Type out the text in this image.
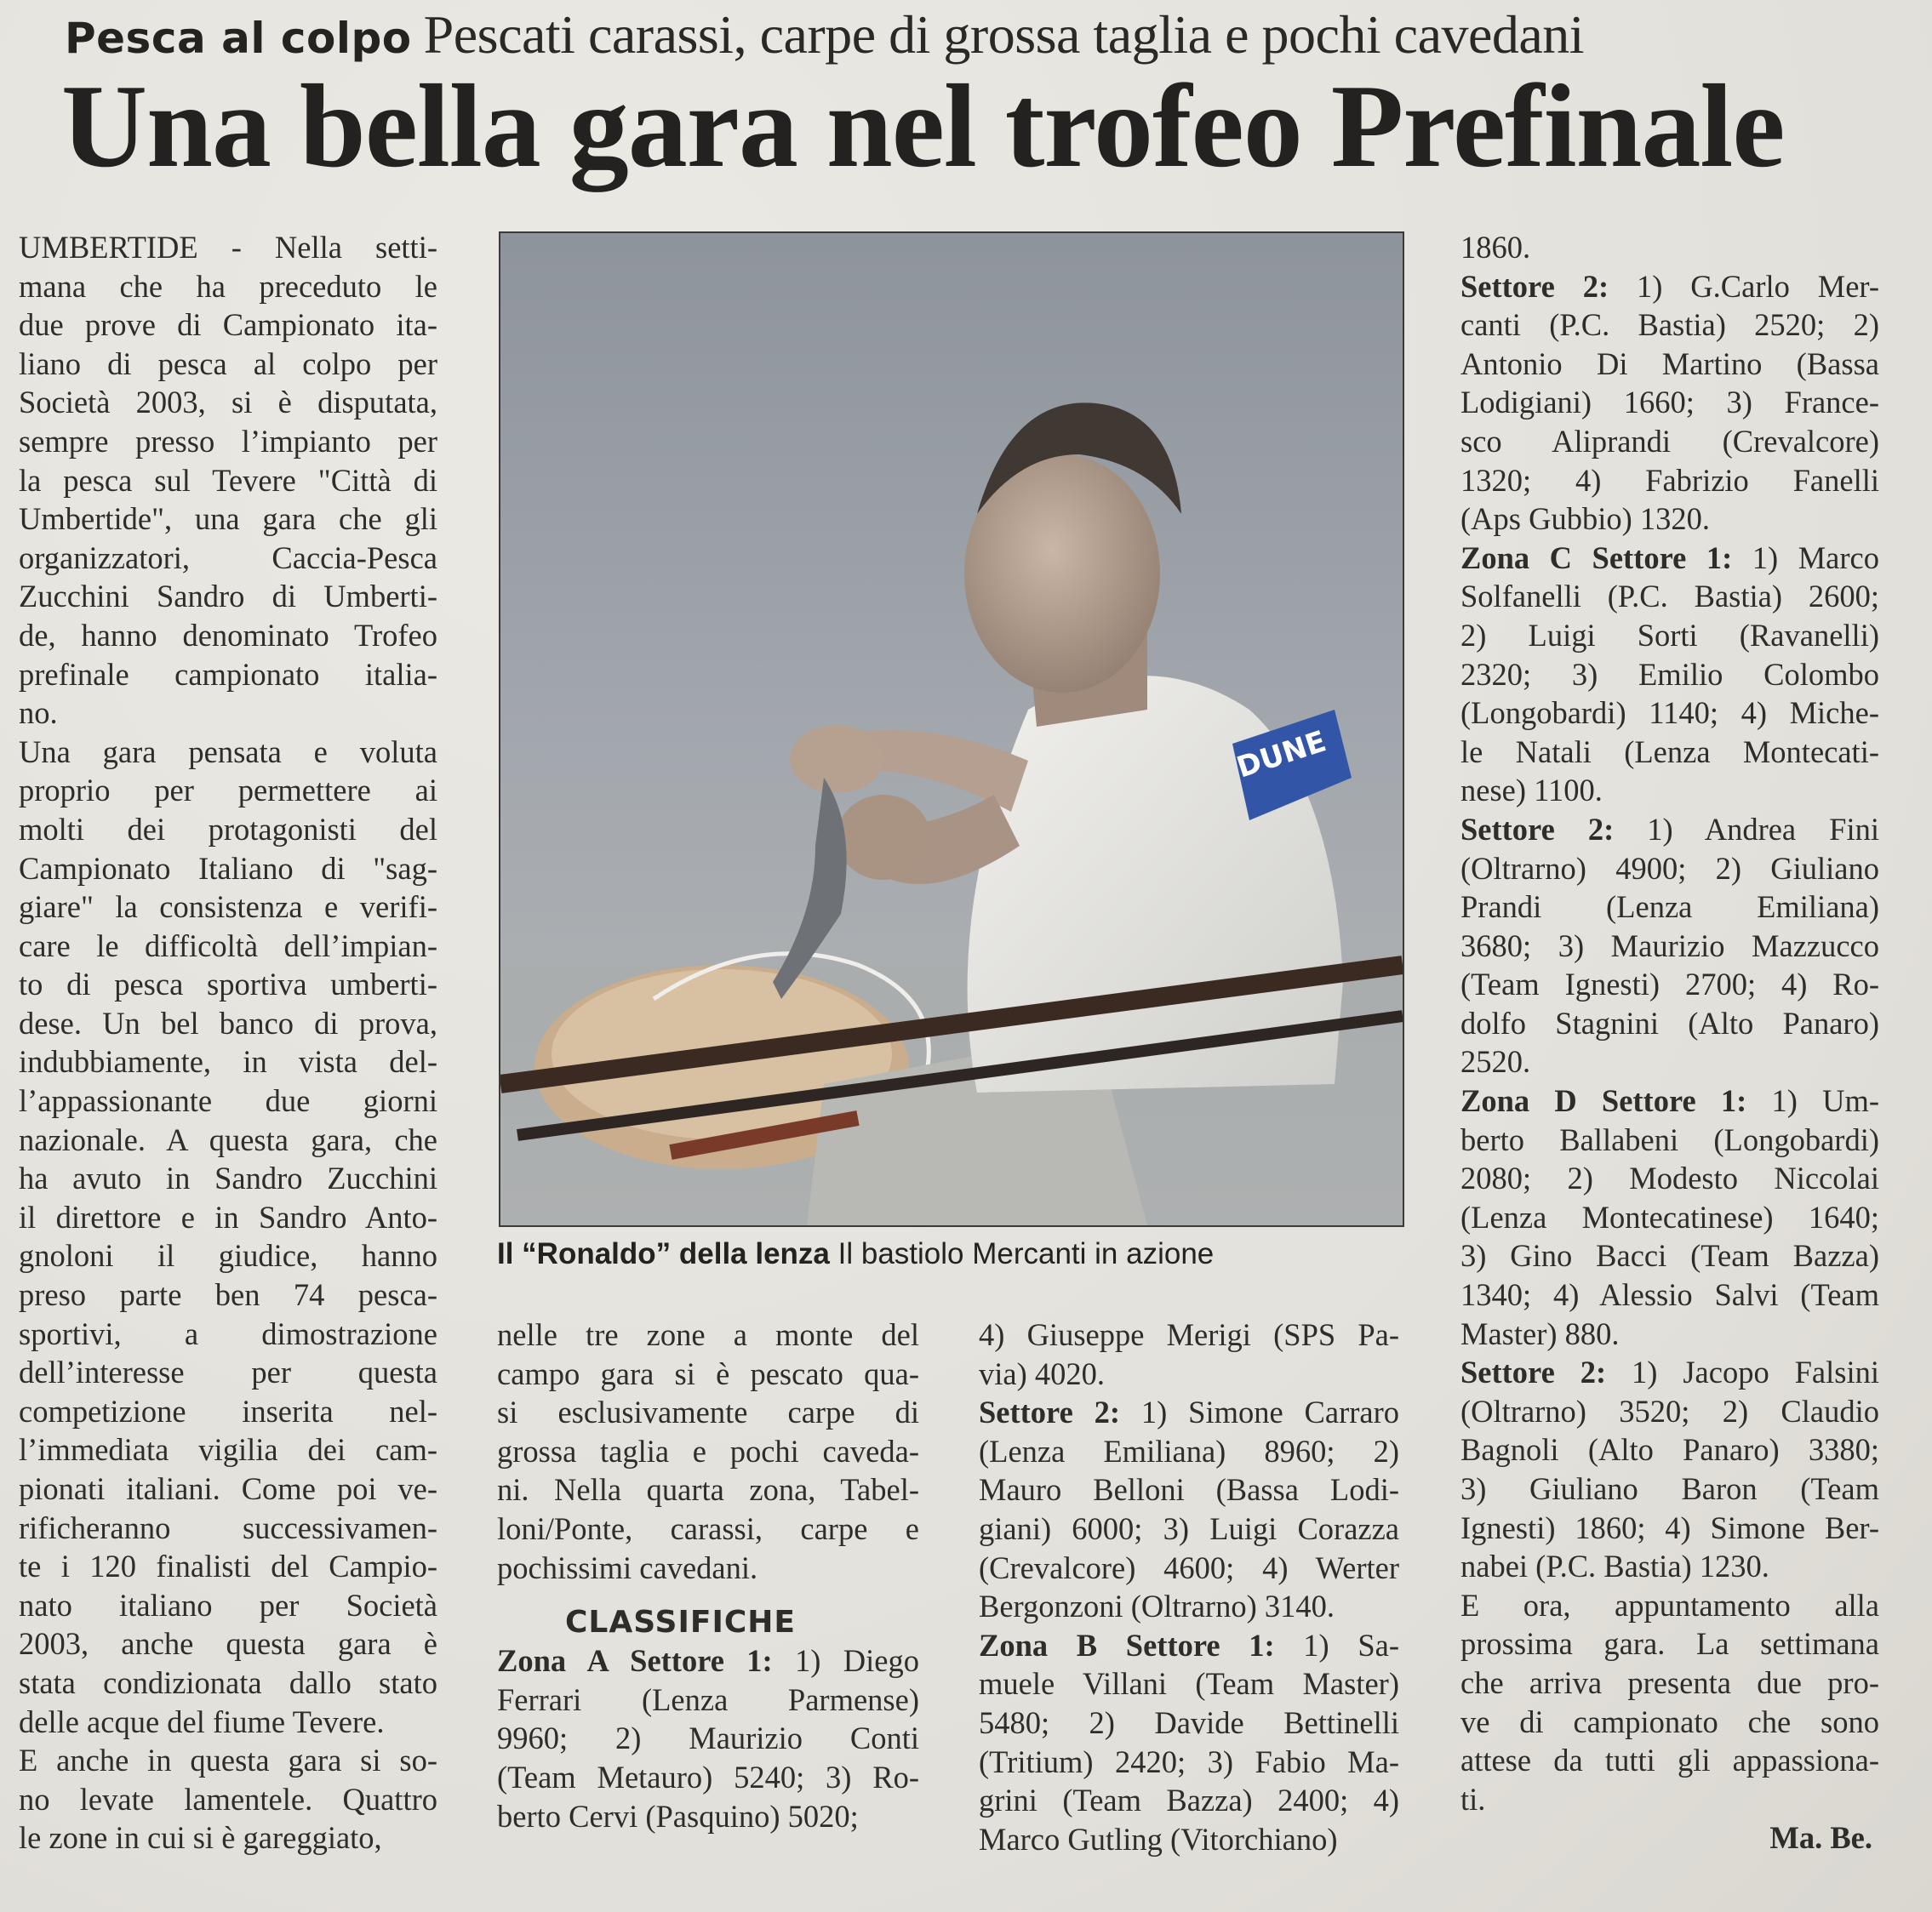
Pesca al colpo Pescati carassi, carpe di grossa taglia e pochi cavedani
Una bella gara nel trofeo Prefinale
UMBERTIDE - Nella setti-
mana che ha preceduto le
due prove di Campionato ita-
liano di pesca al colpo per
Società 2003, si è disputata,
sempre presso l’impianto per
la pesca sul Tevere "Città di
Umbertide", una gara che gli
organizzatori, Caccia-Pesca
Zucchini Sandro di Umberti-
de, hanno denominato Trofeo
prefinale campionato italia-
no.
Una gara pensata e voluta
proprio per permettere ai
molti dei protagonisti del
Campionato Italiano di "sag-
giare" la consistenza e verifi-
care le difficoltà dell’impian-
to di pesca sportiva umberti-
dese. Un bel banco di prova,
indubbiamente, in vista del-
l’appassionante due giorni
nazionale. A questa gara, che
ha avuto in Sandro Zucchini
il direttore e in Sandro Anto-
gnoloni il giudice, hanno
preso parte ben 74 pesca-
sportivi, a dimostrazione
dell’interesse per questa
competizione inserita nel-
l’immediata vigilia dei cam-
pionati italiani. Come poi ve-
rificheranno successivamen-
te i 120 finalisti del Campio-
nato italiano per Società
2003, anche questa gara è
stata condizionata dallo stato
delle acque del fiume Tevere.
E anche in questa gara si so-
no levate lamentele. Quattro
le zone in cui si è gareggiato,
DUNE
Il “Ronaldo” della lenza Il bastiolo Mercanti in azione
nelle tre zone a monte del
campo gara si è pescato qua-
si esclusivamente carpe di
grossa taglia e pochi caveda-
ni. Nella quarta zona, Tabel-
loni/Ponte, carassi, carpe e
pochissimi cavedani.
CLASSIFICHE
Zona A Settore 1: 1) Diego
Ferrari (Lenza Parmense)
9960; 2) Maurizio Conti
(Team Metauro) 5240; 3) Ro-
berto Cervi (Pasquino) 5020;
4) Giuseppe Merigi (SPS Pa-
via) 4020.
Settore 2: 1) Simone Carraro
(Lenza Emiliana) 8960; 2)
Mauro Belloni (Bassa Lodi-
giani) 6000; 3) Luigi Corazza
(Crevalcore) 4600; 4) Werter
Bergonzoni (Oltrarno) 3140.
Zona B Settore 1: 1) Sa-
muele Villani (Team Master)
5480; 2) Davide Bettinelli
(Tritium) 2420; 3) Fabio Ma-
grini (Team Bazza) 2400; 4)
Marco Gutling (Vitorchiano)
1860.
Settore 2: 1) G.Carlo Mer-
canti (P.C. Bastia) 2520; 2)
Antonio Di Martino (Bassa
Lodigiani) 1660; 3) France-
sco Aliprandi (Crevalcore)
1320; 4) Fabrizio Fanelli
(Aps Gubbio) 1320.
Zona C Settore 1: 1) Marco
Solfanelli (P.C. Bastia) 2600;
2) Luigi Sorti (Ravanelli)
2320; 3) Emilio Colombo
(Longobardi) 1140; 4) Miche-
le Natali (Lenza Montecati-
nese) 1100.
Settore 2: 1) Andrea Fini
(Oltrarno) 4900; 2) Giuliano
Prandi (Lenza Emiliana)
3680; 3) Maurizio Mazzucco
(Team Ignesti) 2700; 4) Ro-
dolfo Stagnini (Alto Panaro)
2520.
Zona D Settore 1: 1) Um-
berto Ballabeni (Longobardi)
2080; 2) Modesto Niccolai
(Lenza Montecatinese) 1640;
3) Gino Bacci (Team Bazza)
1340; 4) Alessio Salvi (Team
Master) 880.
Settore 2: 1) Jacopo Falsini
(Oltrarno) 3520; 2) Claudio
Bagnoli (Alto Panaro) 3380;
3) Giuliano Baron (Team
Ignesti) 1860; 4) Simone Ber-
nabei (P.C. Bastia) 1230.
E ora, appuntamento alla
prossima gara. La settimana
che arriva presenta due pro-
ve di campionato che sono
attese da tutti gli appassiona-
ti.
Ma. Be.
